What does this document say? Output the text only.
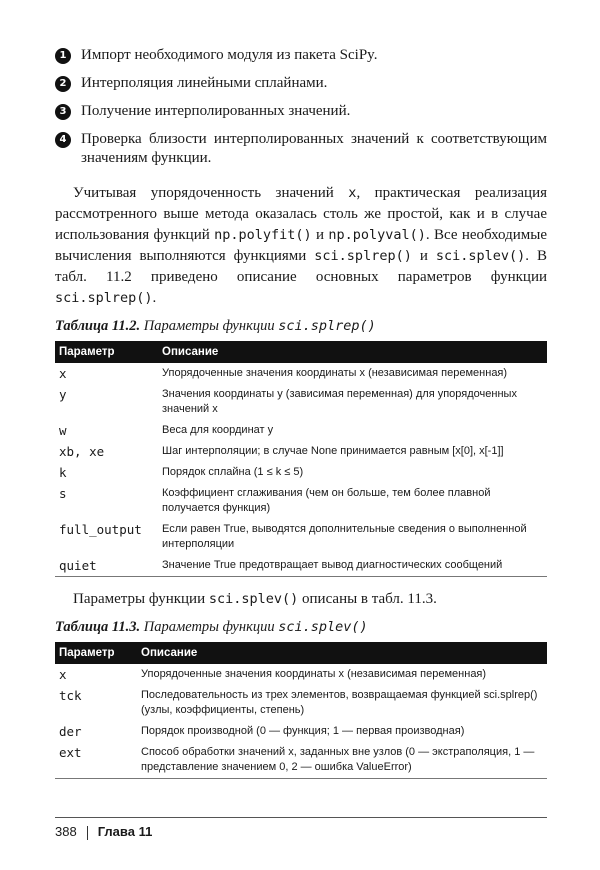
1 Импорт необходимого модуля из пакета SciPy.
2 Интерполяция линейными сплайнами.
3 Получение интерполированных значений.
4 Проверка близости интерполированных значений к соответствующим значениям функции.

Учитывая упорядоченность значений x, практическая реализация рассмотренного выше метода оказалась столь же простой, как и в случае использования функций np.polyfit() и np.polyval(). Все необходимые вычисления выполняются функциями sci.splrep() и sci.splev(). В табл. 11.2 приведено описание основных параметров функции sci.splrep().

Таблица 11.2. Параметры функции sci.splrep()
Параметр	Описание
x	Упорядоченные значения координаты x (независимая переменная)
y	Значения координаты y (зависимая переменная) для упорядоченных значений x
w	Веса для координат y
xb, xe	Шаг интерполяции; в случае None принимается равным [x[0], x[-1]]
k	Порядок сплайна (1 ≤ k ≤ 5)
s	Коэффициент сглаживания (чем он больше, тем более плавной получается функция)
full_output	Если равен True, выводятся дополнительные сведения о выполненной интерполяции
quiet	Значение True предотвращает вывод диагностических сообщений

Параметры функции sci.splev() описаны в табл. 11.3.

Таблица 11.3. Параметры функции sci.splev()
Параметр	Описание
x	Упорядоченные значения координаты x (независимая переменная)
tck	Последовательность из трех элементов, возвращаемая функцией sci.splrep() (узлы, коэффициенты, степень)
der	Порядок производной (0 — функция; 1 — первая производная)
ext	Способ обработки значений x, заданных вне узлов (0 — экстраполяция, 1 — представление значением 0, 2 — ошибка ValueError)
388 Глава 11
